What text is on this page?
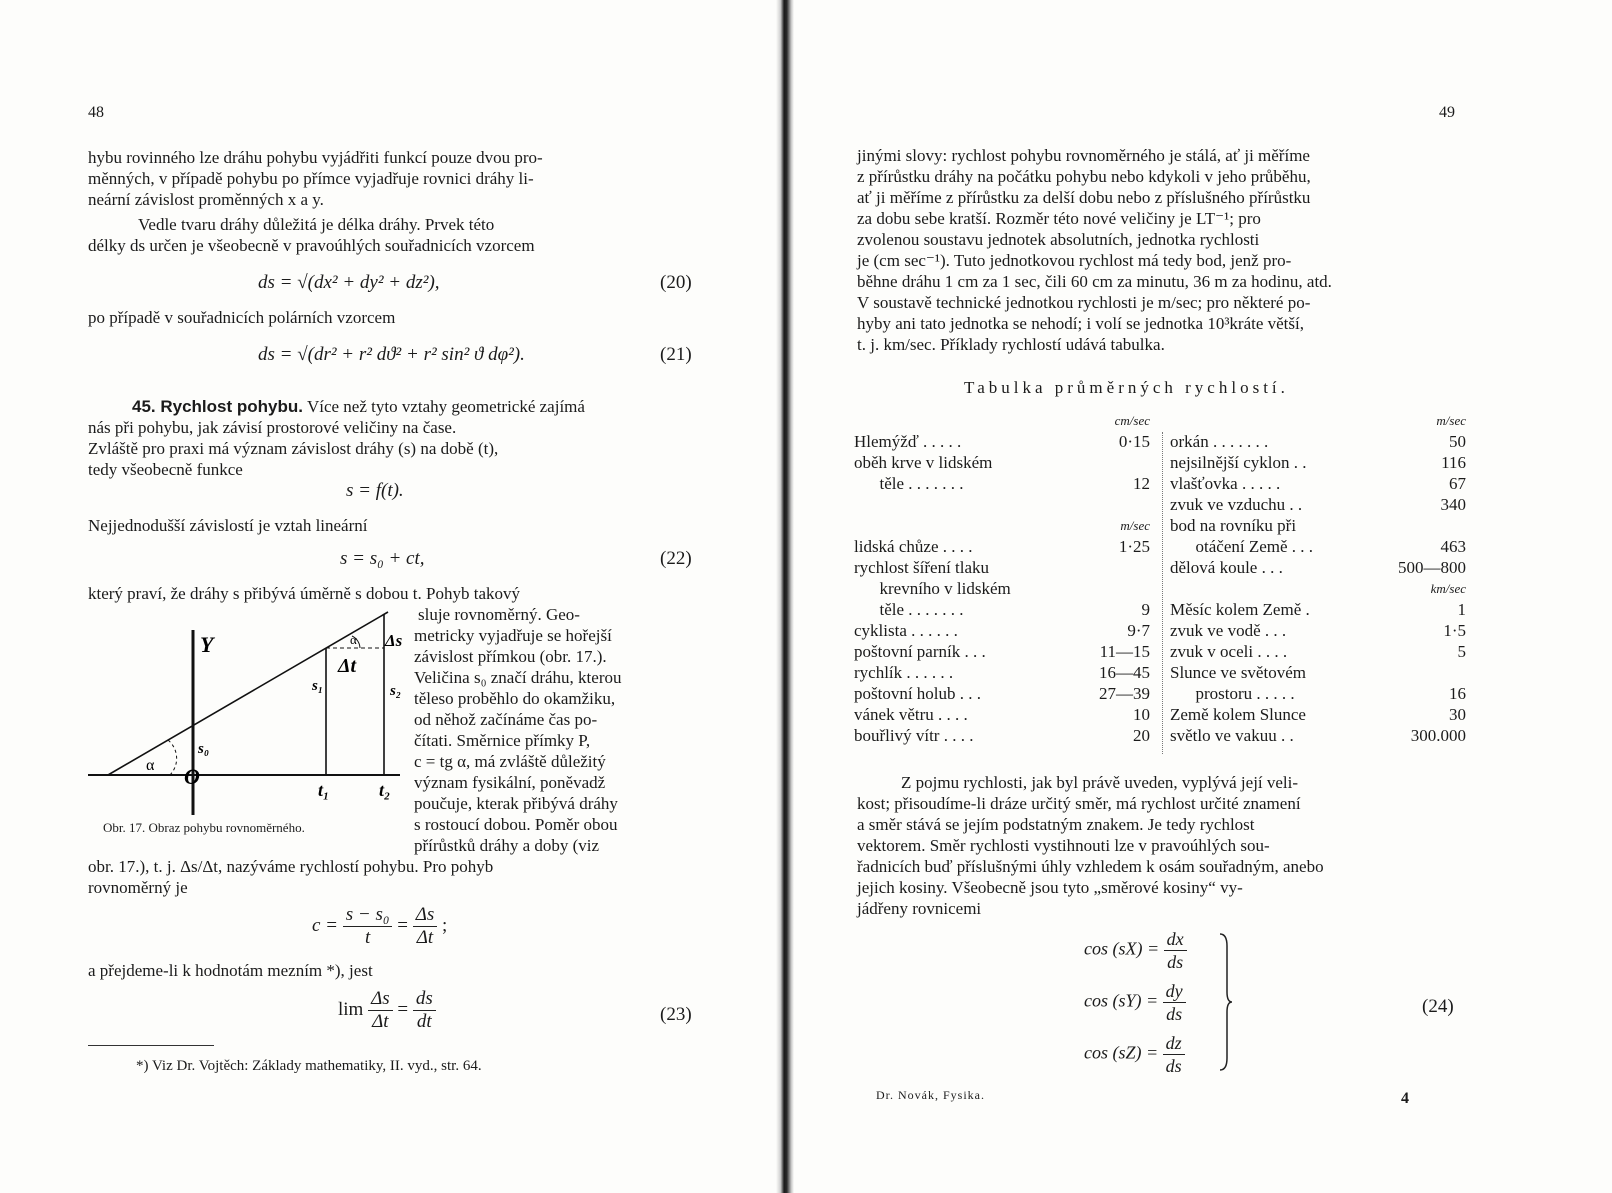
48
hybu rovinného lze dráhu pohybu vyjádřiti funkcí pouze dvou pro-
měnných, v případě pohybu po přímce vyjadřuje rovnici dráhy li-
neární závislost proměnných x a y.
Vedle tvaru dráhy důležitá je délka dráhy. Prvek této
délky ds určen je všeobecně v pravoúhlých souřadnicích vzorcem
ds = √(dx² + dy² + dz²),	(20)
po případě v souřadnicích polárních vzorcem
ds = √(dr² + r² dϑ² + r² sin² ϑ dφ²).	(21)
45. Rychlost pohybu. Více než tyto vztahy geometrické zajímá
nás při pohybu, jak závisí prostorové veličiny na čase.
Zvláště pro praxi má význam závislost dráhy (s) na době (t),
tedy všeobecně funkce
s = f(t).
Nejjednodušší závislostí je vztah lineární
s = s₀ + ct,	(22)
který praví, že dráhy s přibývá úměrně s dobou t. Pohyb takový
Y
O
s₀
s₁	s₂
Δs
Δt
t₁	t₂
α
α
Obr. 17. Obraz pohybu rovnoměrného.
sluje rovnoměrný. Geo-
metricky vyjadřuje se hořejší
závislost přímkou (obr. 17.).
Veličina s₀ značí dráhu, kterou
těleso proběhlo do okamžiku,
od něhož začínáme čas po-
čítati. Směrnice přímky P,
c = tg α, má zvláště důležitý
význam fysikální, poněvadž
poučuje, kterak přibývá dráhy
s rostoucí dobou. Poměr obou
přírůstků dráhy a doby (viz
obr. 17.), t. j. Δs/Δt, nazýváme rychlostí pohybu. Pro pohyb
rovnoměrný je
$c = \frac{\text{s − s₀}}{t} = \frac{\Delta s}{\Delta t}$ ;
a přejdeme-li k hodnotám mezním *), jest
$\lim \frac{\Delta s}{\Delta t} = \frac{ds}{dt}$	(23)
*) Viz Dr. Vojtěch: Základy mathematiky, II. vyd., str. 64.
49
jinými slovy: rychlost pohybu rovnoměrného je stálá, ať ji měříme
z přírůstku dráhy na počátku pohybu nebo kdykoli v jeho průběhu,
ať ji měříme z přírůstku za delší dobu nebo z příslušného přírůstku
za dobu sebe kratší. Rozměr této nové veličiny je LT⁻¹; pro
zvolenou soustavu jednotek absolutních, jednotka rychlosti
je (cm sec⁻¹). Tuto jednotkovou rychlost má tedy bod, jenž pro-
běhne dráhu 1 cm za 1 sec, čili 60 cm za minutu, 36 m za hodinu, atd.
V soustavě technické jednotkou rychlosti je m/sec; pro některé po-
hyby ani tato jednotka se nehodí; i volí se jednotka 10³kráte větší,
t. j. km/sec. Příklady rychlostí udává tabulka.
Tabulka průměrných rychlostí.
cm/sec	
Hlemýžď . . . . .	0·15
oběh krve v lidském	
těle . . . . . . .	12

m/sec	
lidská chůze . . . .	1·25
rychlost šíření tlaku	
krevního v lidském	
těle . . . . . . .	9
cyklista . . . . . .	9·7
poštovní parník . . .	11—15
rychlík . . . . . .	16—45
poštovní holub . . .	27—39
vánek větru . . . .	10
bouřlivý vítr . . . .	20
m/sec	
orkán . . . . . . .	50
nejsilnější cyklon . .	116
vlašťovka . . . . .	67
zvuk ve vzduchu . .	340
bod na rovníku při	
otáčení Země . . .	463
dělová koule . . .	500—800
km/sec	
Měsíc kolem Země .	1
zvuk ve vodě . . .	1·5
zvuk v oceli . . . .	5
Slunce ve světovém	
prostoru . . . . .	16
Země kolem Slunce	30
světlo ve vakuu . .	300.000
Z pojmu rychlosti, jak byl právě uveden, vyplývá její veli-
kost; přisoudíme-li dráze určitý směr, má rychlost určité znamení
a směr stává se jejím podstatným znakem. Je tedy rychlost
vektorem. Směr rychlosti vystihnouti lze v pravoúhlých sou-
řadnicích buď příslušnými úhly vzhledem k osám souřadným, anebo
jejich kosiny. Všeobecně jsou tyto „směrové kosiny“ vy-
jádřeny rovnicemi
$\cos (sX) = \frac{dx}{ds}$
$\cos (sY) = \frac{dy}{ds}$
$\cos (sZ) = \frac{dz}{ds}$
(24)
Dr. Novák, Fysika.	4
